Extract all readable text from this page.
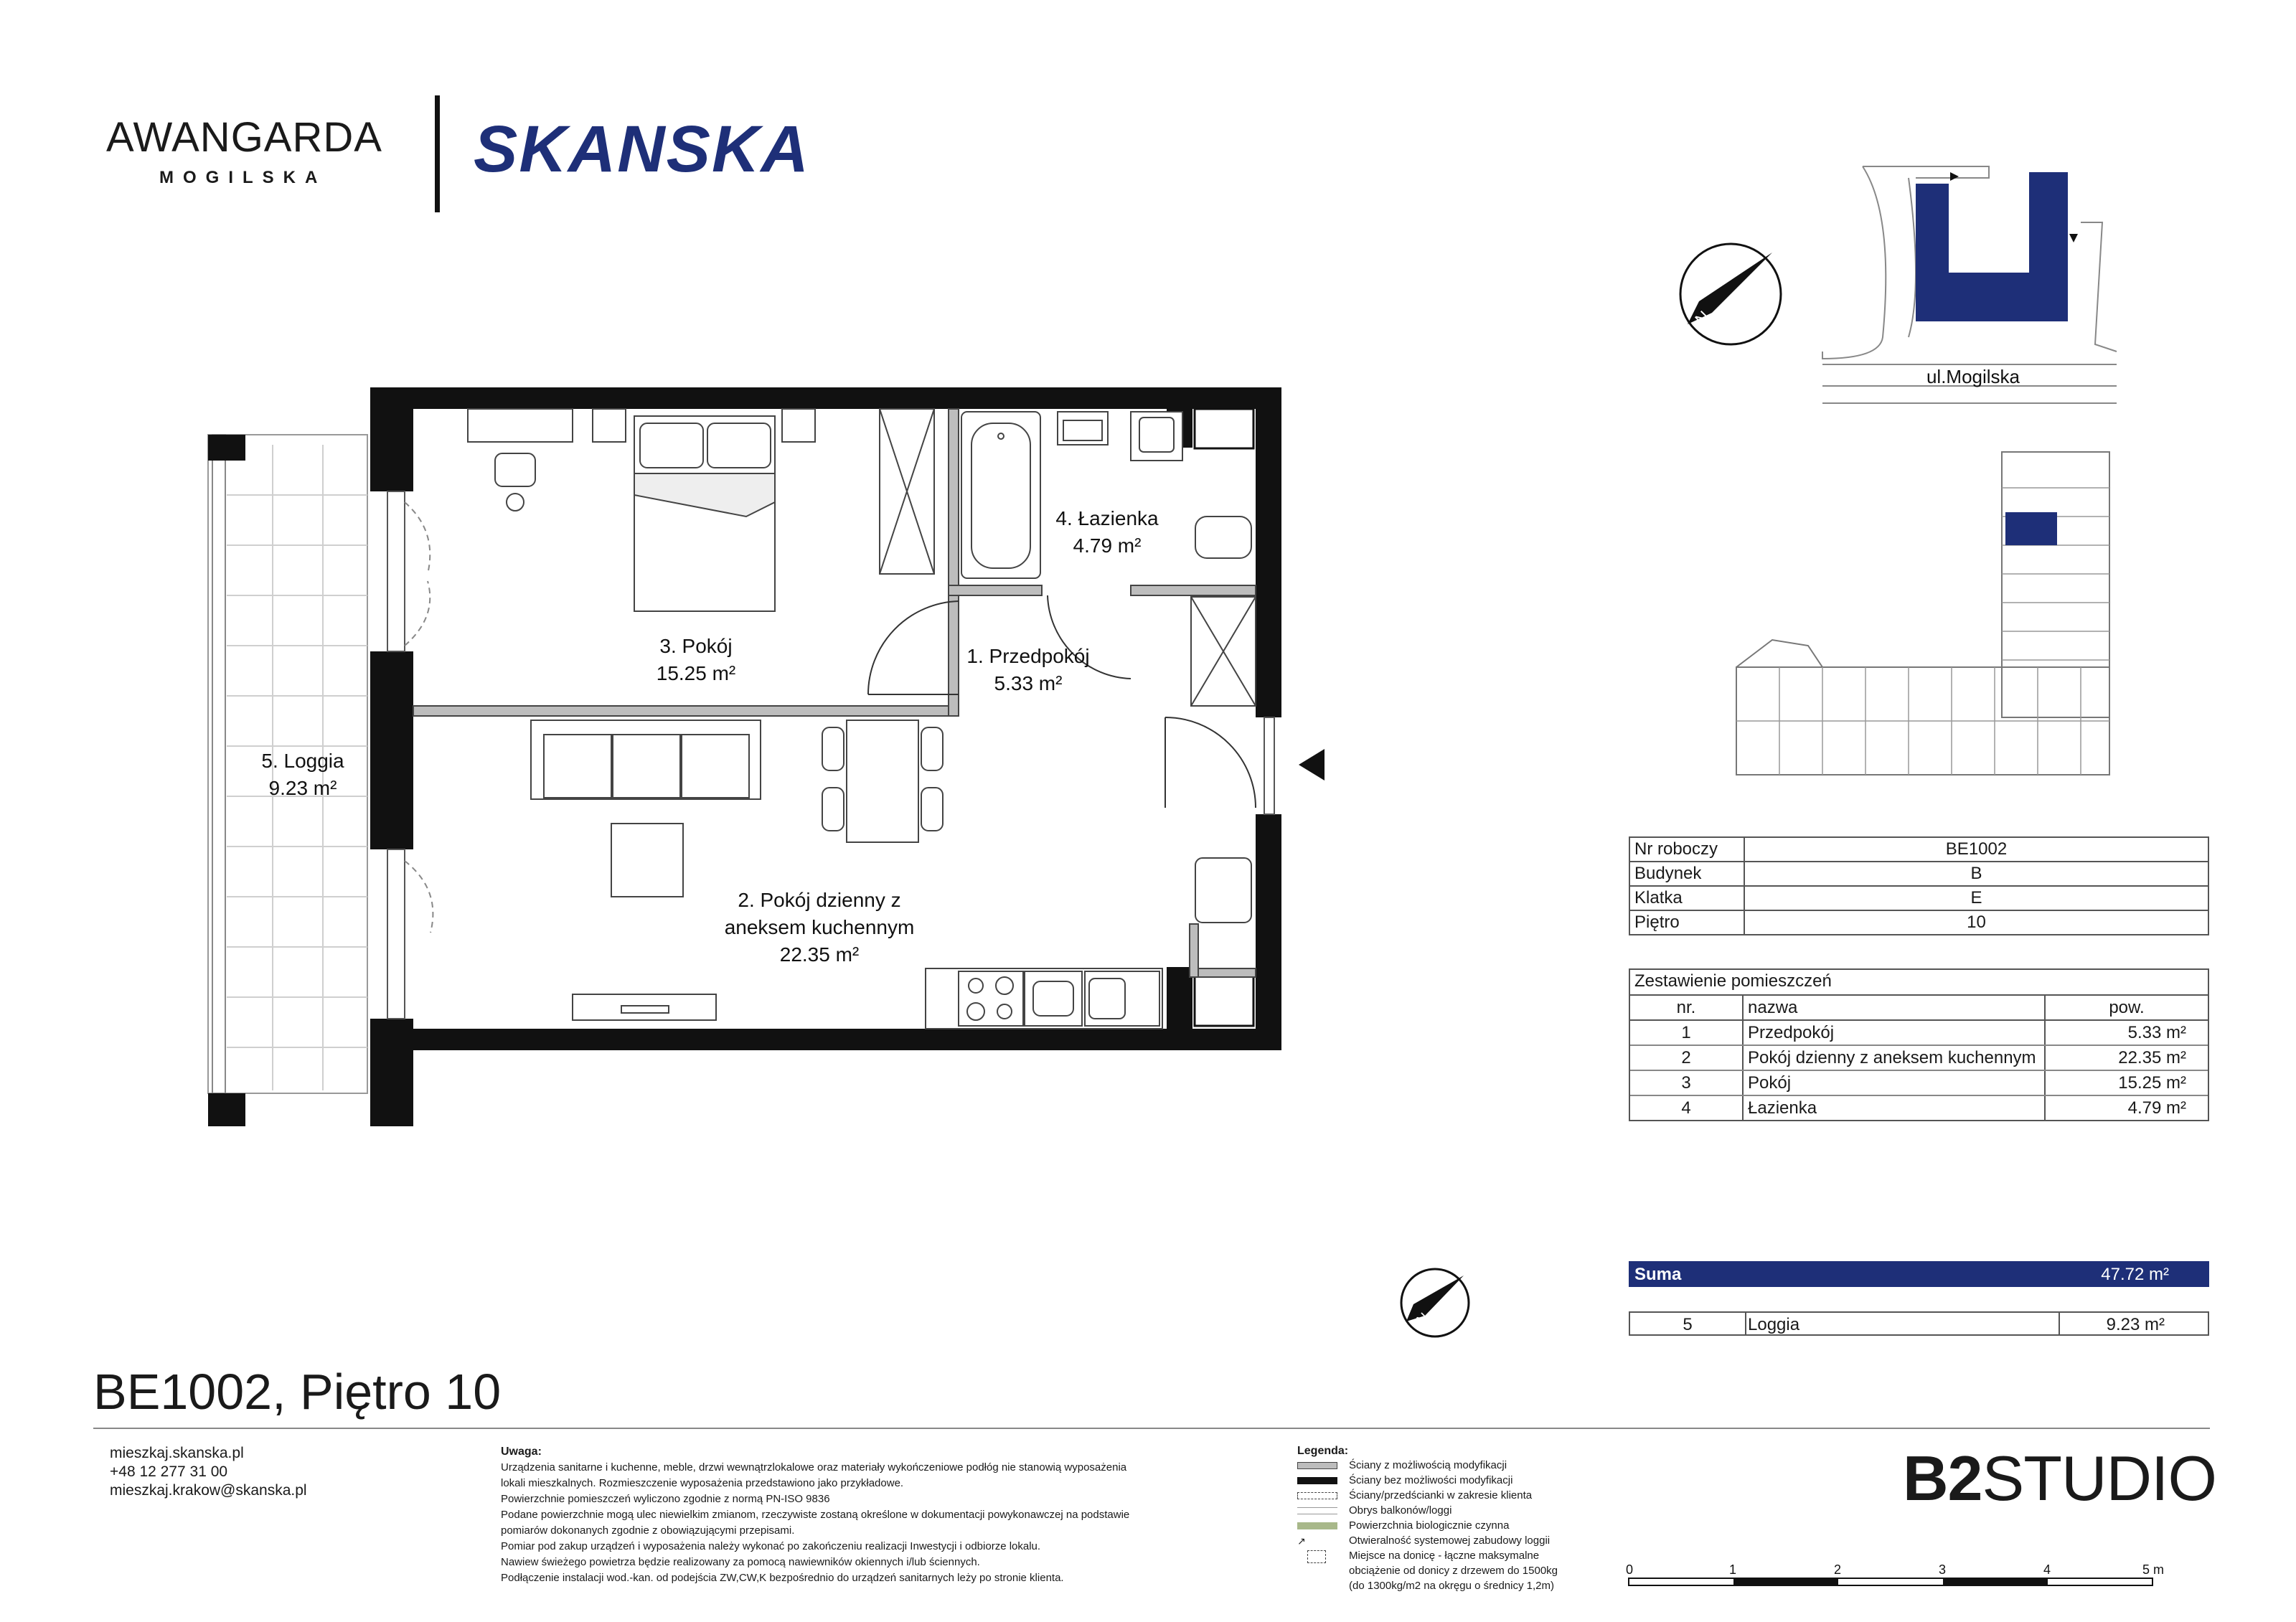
AWANGARDA
MOGILSKA SKANSKA
1. Przedpokój
5.33 m²
2. Pokój dzienny z
aneksem kuchennym
22.35 m²
3. Pokój
15.25 m²
4. Łazienka
4.79 m²
5. Loggia
9.23 m²
N
N
ul.Mogilska
0	1	2	3	4	5 m
Nr roboczy	BE1002
Budynek	B
Klatka	E
Piętro	10
Zestawienie pomieszczeń
nr.	nazwa	pow.
1	Przedpokój	5.33 m²
2	Pokój dzienny z aneksem kuchennym	22.35 m²
3	Pokój	15.25 m²
4	Łazienka	4.79 m²
Suma	47.72 m²
5	Loggia	9.23 m²
BE1002, Piętro 10
mieszkaj.skanska.pl
+48 12 277 31 00
mieszkaj.krakow@skanska.pl
Uwaga:
Urządzenia sanitarne i kuchenne, meble, drzwi wewnątrzlokalowe oraz materiały wykończeniowe podłóg nie stanowią wyposażenia
lokali mieszkalnych. Rozmieszczenie wyposażenia przedstawiono jako przykładowe.
Powierzchnie pomieszczeń wyliczono zgodnie z normą PN-ISO 9836
Podane powierzchnie mogą ulec niewielkim zmianom, rzeczywiste zostaną określone w dokumentacji powykonawczej na podstawie
pomiarów dokonanych zgodnie z obowiązującymi przepisami.
Pomiar pod zakup urządzeń i wyposażenia należy wykonać po zakończeniu realizacji Inwestycji i odbiorze lokalu.
Nawiew świeżego powietrza będzie realizowany za pomocą nawiewników okiennych i/lub ściennych.
Podłączenie instalacji wod.-kan. od podejścia ZW,CW,K bezpośrednio do urządzeń sanitarnych leży po stronie klienta.
Legenda:
Ściany z możliwością modyfikacji
Ściany bez możliwości modyfikacji
Ściany/przedścianki w zakresie klienta
Obrys balkonów/loggi
Powierzchnia biologicznie czynna
↗	Otwieralność systemowej zabudowy loggii
Miejsce na donicę - łączne maksymalne
obciążenie od donicy z drzewem do 1500kg
(do 1300kg/m2 na okręgu o średnicy 1,2m)
B2STUDIO
